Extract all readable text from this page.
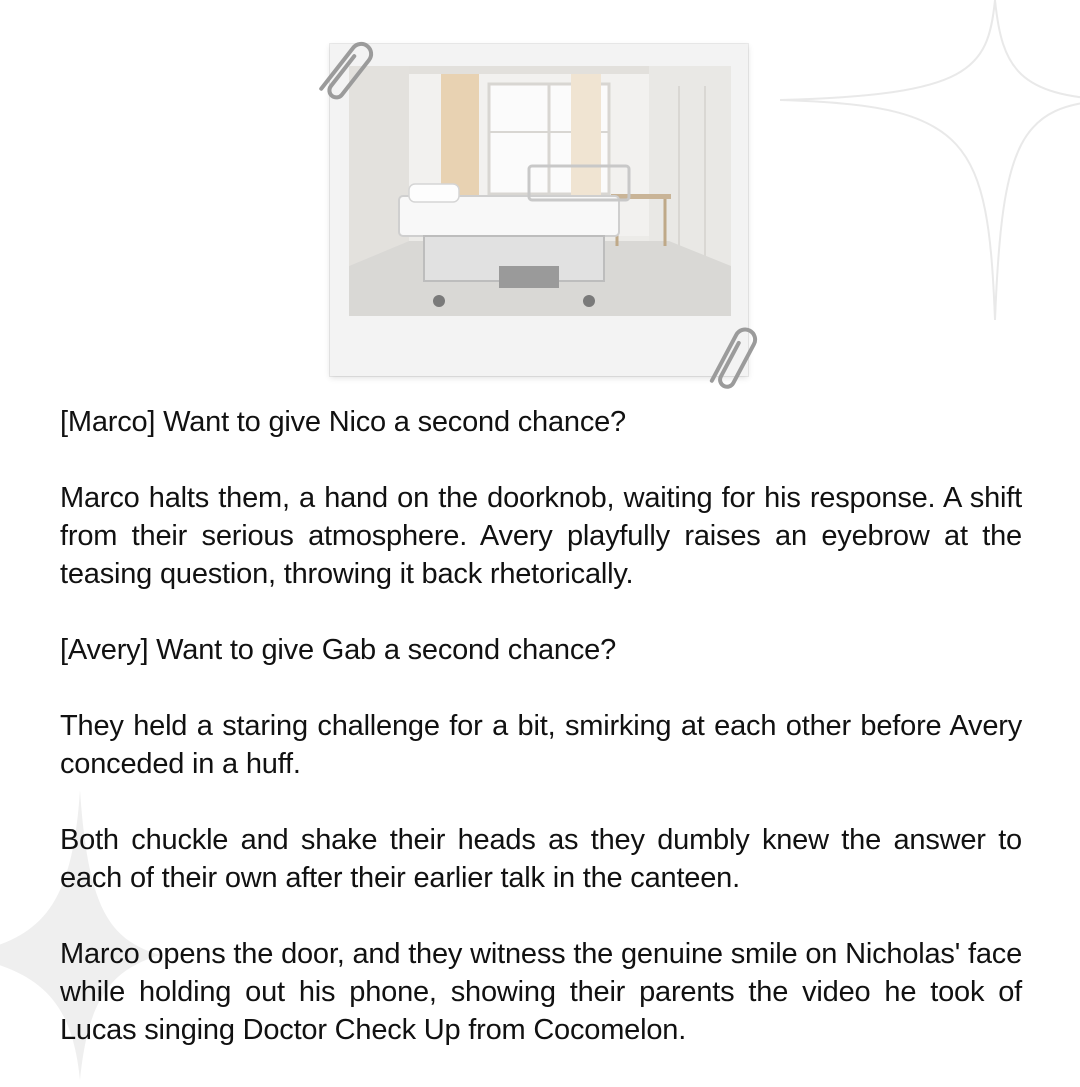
[Marco] Want to give Nico a second chance?

Marco halts them, a hand on the doorknob, waiting for his response. A shift from their serious atmosphere. Avery playfully raises an eyebrow at the teasing question, throwing it back rhetorically.

[Avery] Want to give Gab a second chance?

They held a staring challenge for a bit, smirking at each other before Avery conceded in a huff.

Both chuckle and shake their heads as they dumbly knew the answer to each of their own after their earlier talk in the canteen.

Marco opens the door, and they witness the genuine smile on Nicholas' face while holding out his phone, showing their parents the video he took of Lucas singing Doctor Check Up from Cocomelon.
